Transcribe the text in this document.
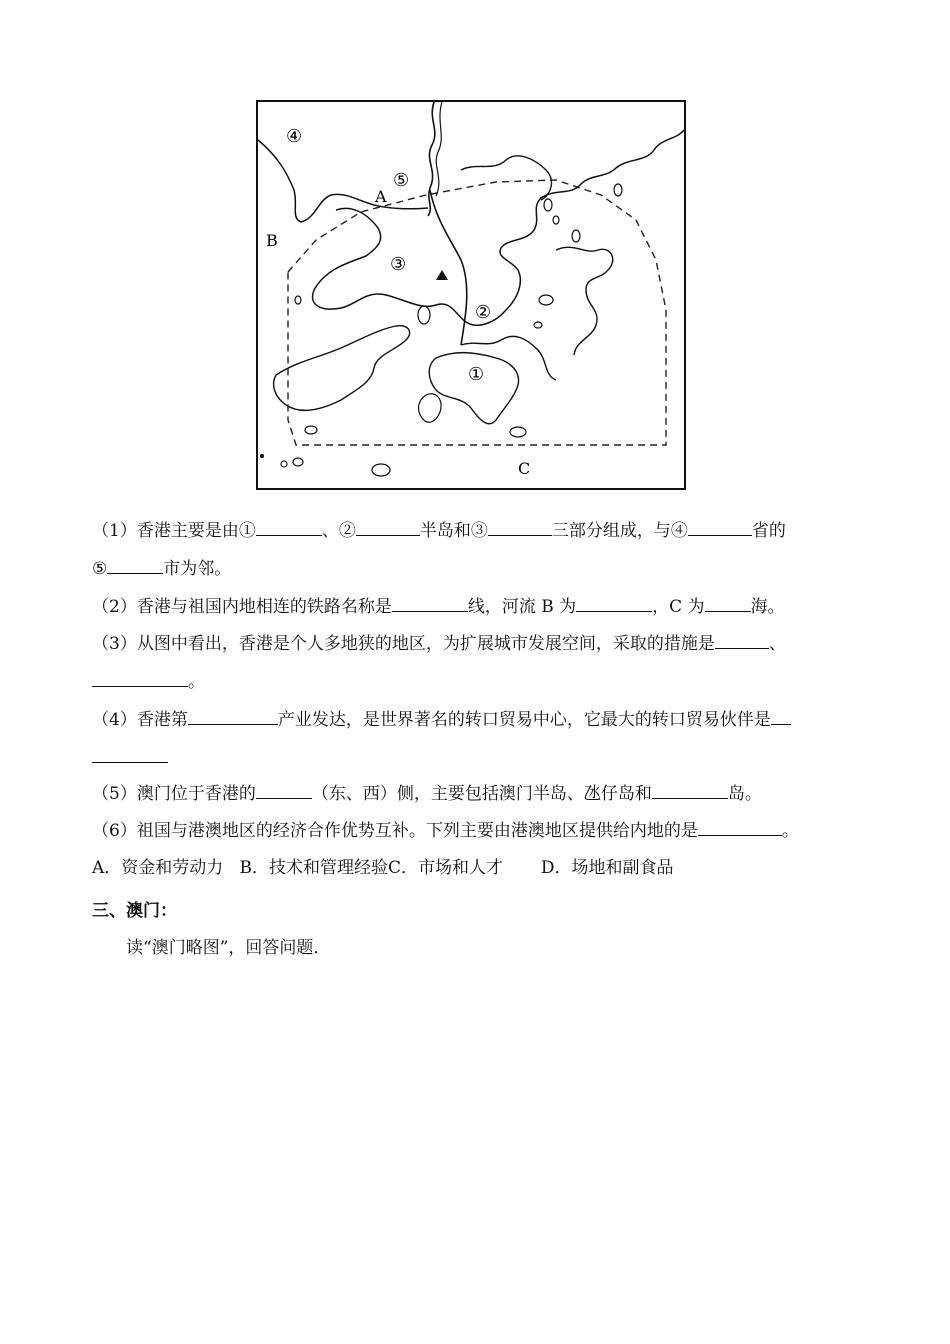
④
⑤
A
B
③
②
①
C
（1）香港主要是由①	、②	半岛和③	三部分组成，与④	省的
⑤	市为邻。
（2）香港与祖国内地相连的铁路名称是	线，河流 B 为	，C 为	海。
（3）从图中看出，香港是个人多地狭的地区，为扩展城市发展空间，采取的措施是	、
。
（4）香港第	产业发达，是世界著名的转口贸易中心，它最大的转口贸易伙伴是
（5）澳门位于香港的	（东、西）侧，主要包括澳门半岛、氹仔岛和	岛。
（6）祖国与港澳地区的经济合作优势互补。下列主要由港澳地区提供给内地的是	。
A．资金和劳动力 B．技术和管理经验C．市场和人才 D．场地和副食品
三、澳门：
读“澳门略图”，回答问题．
